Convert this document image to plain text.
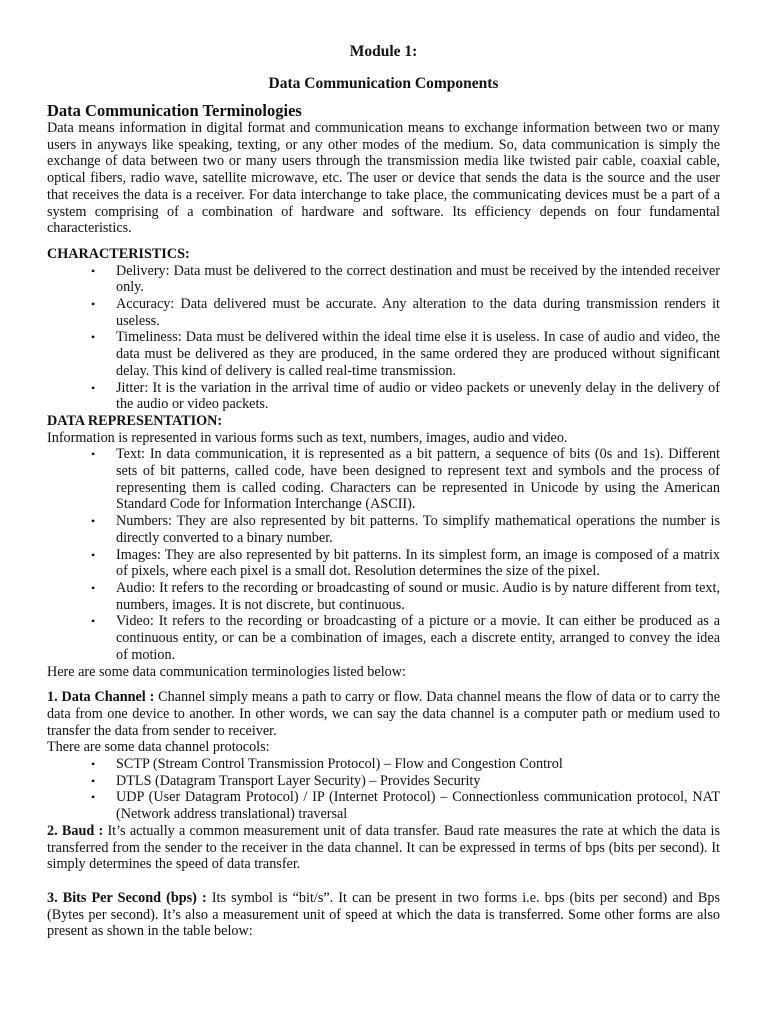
Module 1:
Data Communication Components
Data Communication Terminologies

Data means information in digital format and communication means to exchange information between two or many users in anyways like speaking, texting, or any other modes of the medium. So, data communication is simply the exchange of data between two or many users through the transmission media like twisted pair cable, coaxial cable, optical fibers, radio wave, satellite microwave, etc. The user or device that sends the data is the source and the user that receives the data is a receiver. For data interchange to take place, the communicating devices must be a part of a system comprising of a combination of hardware and software. Its efficiency depends on four fundamental characteristics.

CHARACTERISTICS:
• Delivery: Data must be delivered to the correct destination and must be received by the intended receiver only.
• Accuracy: Data delivered must be accurate. Any alteration to the data during transmission renders it useless.
• Timeliness: Data must be delivered within the ideal time else it is useless. In case of audio and video, the data must be delivered as they are produced, in the same ordered they are produced without significant delay. This kind of delivery is called real-time transmission.
• Jitter: It is the variation in the arrival time of audio or video packets or unevenly delay in the delivery of the audio or video packets.
DATA REPRESENTATION:

Information is represented in various forms such as text, numbers, images, audio and video.

• Text: In data communication, it is represented as a bit pattern, a sequence of bits (0s and 1s). Different sets of bit patterns, called code, have been designed to represent text and symbols and the process of representing them is called coding. Characters can be represented in Unicode by using the American Standard Code for Information Interchange (ASCII).
• Numbers: They are also represented by bit patterns. To simplify mathematical operations the number is directly converted to a binary number.
• Images: They are also represented by bit patterns. In its simplest form, an image is composed of a matrix of pixels, where each pixel is a small dot. Resolution determines the size of the pixel.
• Audio: It refers to the recording or broadcasting of sound or music. Audio is by nature different from text, numbers, images. It is not discrete, but continuous.
• Video: It refers to the recording or broadcasting of a picture or a movie. It can either be produced as a continuous entity, or can be a combination of images, each a discrete entity, arranged to convey the idea of motion.

Here are some data communication terminologies listed below:

1. Data Channel : Channel simply means a path to carry or flow. Data channel means the flow of data or to carry the data from one device to another. In other words, we can say the data channel is a computer path or medium used to transfer the data from sender to receiver.

There are some data channel protocols:

• SCTP (Stream Control Transmission Protocol) – Flow and Congestion Control
• DTLS (Datagram Transport Layer Security) – Provides Security
• UDP (User Datagram Protocol) / IP (Internet Protocol) – Connectionless communication protocol, NAT (Network address translational) traversal

2. Baud : It’s actually a common measurement unit of data transfer. Baud rate measures the rate at which the data is transferred from the sender to the receiver in the data channel. It can be expressed in terms of bps (bits per second). It simply determines the speed of data transfer.

3. Bits Per Second (bps) : Its symbol is “bit/s”. It can be present in two forms i.e. bps (bits per second) and Bps (Bytes per second). It’s also a measurement unit of speed at which the data is transferred. Some other forms are also present as shown in the table below:
